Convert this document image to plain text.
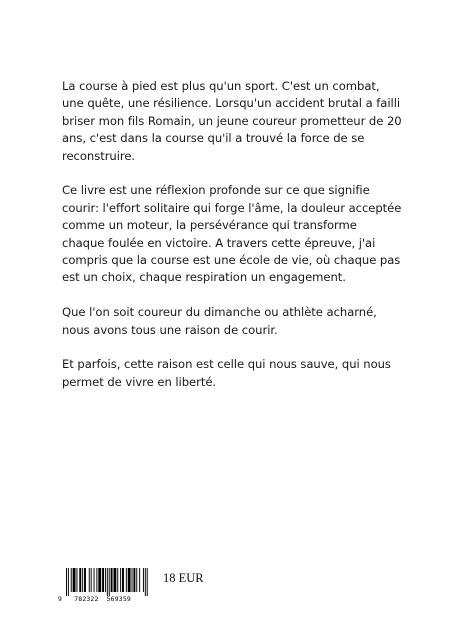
La course à pied est plus qu'un sport. C'est un combat, une quête, une résilience. Lorsqu'un accident brutal a failli briser mon fils Romain, un jeune coureur prometteur de 20 ans, c'est dans la course qu'il a trouvé la force de se reconstruire.

Ce livre est une réflexion profonde sur ce que signifie courir: l'effort solitaire qui forge l'âme, la douleur acceptée comme un moteur, la persévérance qui transforme chaque foulée en victoire. A travers cette épreuve, j'ai compris que la course est une école de vie, où chaque pas est un choix, chaque respiration un engagement.

Que l'on soit coureur du dimanche ou athlète acharné, nous avons tous une raison de courir.

Et parfois, cette raison est celle qui nous sauve, qui nous permet de vivre en liberté.

9 782322 569359
18 EUR
